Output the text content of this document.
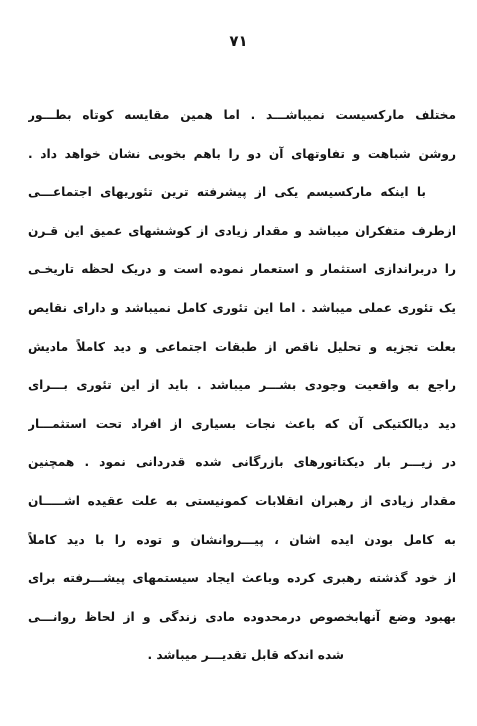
۷۱
مختلف مارکسیست نمیباشـــد . اما همین مقایسه کوتاه بطـــور
روشن شباهت و تفاوتهای آن دو را باهم بخوبی نشان خواهد داد .
با اینکه مارکسیسم یکی از پیشرفته ترین تئوریهای اجتماعـــی
ازطرف متفکران میباشد و مقدار زیادی از کوششهای عمیق این قـرن
را دربراندازی استثمار و استعمار نموده است و دریک لحظه تاریخـی
یک تئوری عملی میباشد . اما این تئوری کامل نمیباشد و دارای نقایص
بعلت تجزیه و تحلیل ناقص از طبقات اجتماعی و دید کاملاً مادیش
راجع به واقعیت وجودی بشـــر میباشد . باید از این تئوری بـــرای
دید دیالکتیکی آن که باعث نجات بسیاری از افراد تحت استثمـــار
در زیـــر بار دیکتاتورهای بازرگانی شده قدردانی نمود . همچنین
مقدار زیادی از رهبران انقلابات کمونیستی به علت عقیده اشـــــان
به کامل بودن ایده اشان ، پیـــروانشان و توده را با دید کاملاً
از خود گذشته رهبری کرده وباعث ایجاد سیستمهای پیشـــرفته برای
بهبود وضع آنهابخصوص درمحدوده مادی زندگی و از لحاظ روانـــی
شده اندکه قابل تقدیـــر میباشد .
